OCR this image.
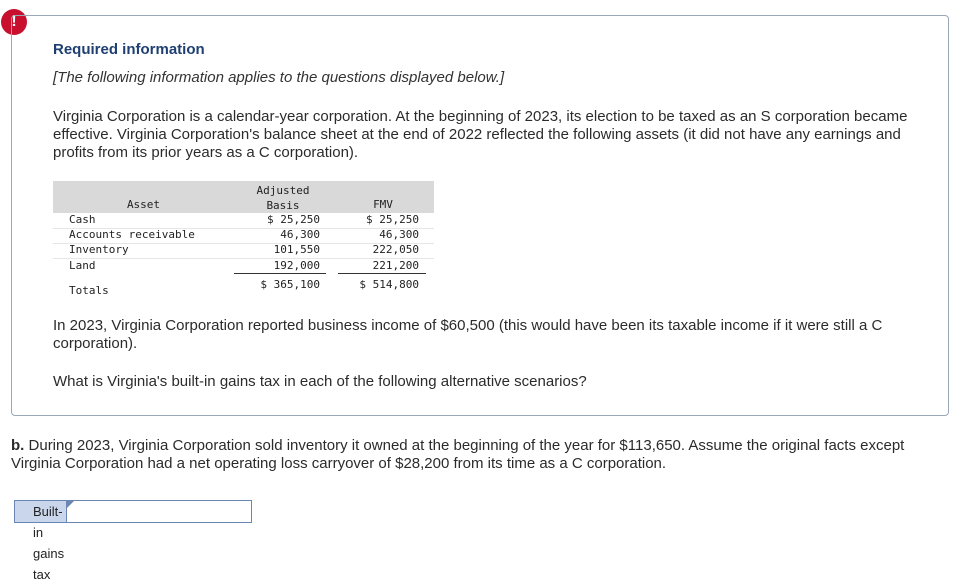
!
Required information
[The following information applies to the questions displayed below.]
Virginia Corporation is a calendar-year corporation. At the beginning of 2023, its election to be taxed as an S corporation became effective. Virginia Corporation's balance sheet at the end of 2022 reflected the following assets (it did not have any earnings and profits from its prior years as a C corporation).
Asset
Adjusted
Basis	FMV
Cash	$ 25,250	$ 25,250
Accounts receivable	46,300	46,300
Inventory	101,550	222,050
Land	192,000	221,200
Totals	$ 365,100	$ 514,800
In 2023, Virginia Corporation reported business income of $60,500 (this would have been its taxable income if it were still a C corporation).
What is Virginia's built-in gains tax in each of the following alternative scenarios?
b. During 2023, Virginia Corporation sold inventory it owned at the beginning of the year for $113,650. Assume the original facts except Virginia Corporation had a net operating loss carryover of $28,200 from its time as a C corporation.
Built-in gains tax
